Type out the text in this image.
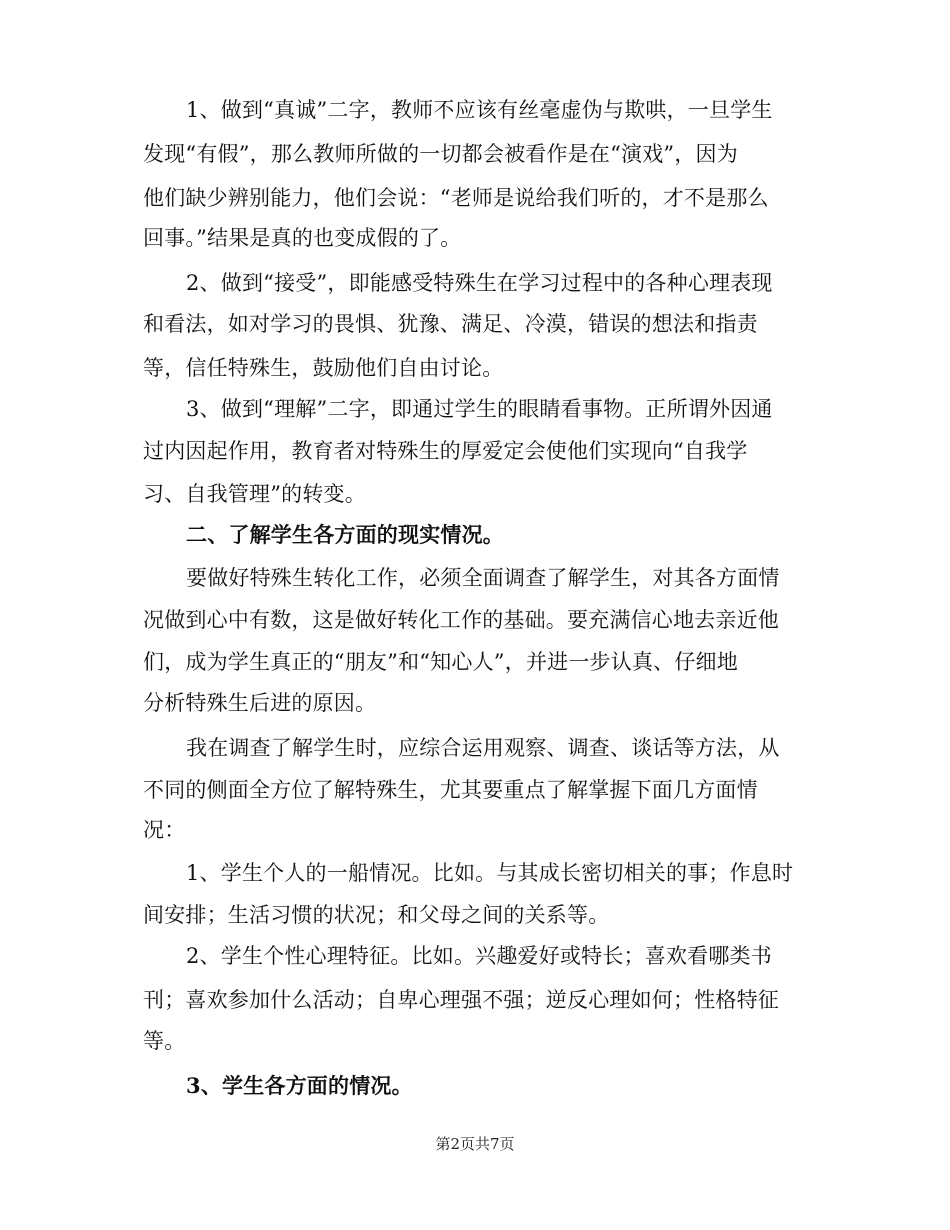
1、做到“真诚”二字，教师不应该有丝毫虚伪与欺哄，一旦学生
发现“有假”，那么教师所做的一切都会被看作是在“演戏”，因为
他们缺少辨别能力，他们会说：“老师是说给我们听的，才不是那么
回事。”结果是真的也变成假的了。
2、做到“接受”，即能感受特殊生在学习过程中的各种心理表现
和看法，如对学习的畏惧、犹豫、满足、冷漠，错误的想法和指责
等，信任特殊生，鼓励他们自由讨论。
3、做到“理解”二字，即通过学生的眼睛看事物。正所谓外因通
过内因起作用，教育者对特殊生的厚爱定会使他们实现向“自我学
习、自我管理”的转变。
二、了解学生各方面的现实情况。
要做好特殊生转化工作，必须全面调查了解学生，对其各方面情
况做到心中有数，这是做好转化工作的基础。要充满信心地去亲近他
们，成为学生真正的“朋友”和“知心人”，并进一步认真、仔细地
分析特殊生后进的原因。
我在调查了解学生时，应综合运用观察、调查、谈话等方法，从
不同的侧面全方位了解特殊生，尤其要重点了解掌握下面几方面情
况：
1、学生个人的一船情况。比如。与其成长密切相关的事；作息时
间安排；生活习惯的状况；和父母之间的关系等。
2、学生个性心理特征。比如。兴趣爱好或特长；喜欢看哪类书
刊；喜欢参加什么活动；自卑心理强不强；逆反心理如何；性格特征
等。
3、学生各方面的情况。
第2页共7页
